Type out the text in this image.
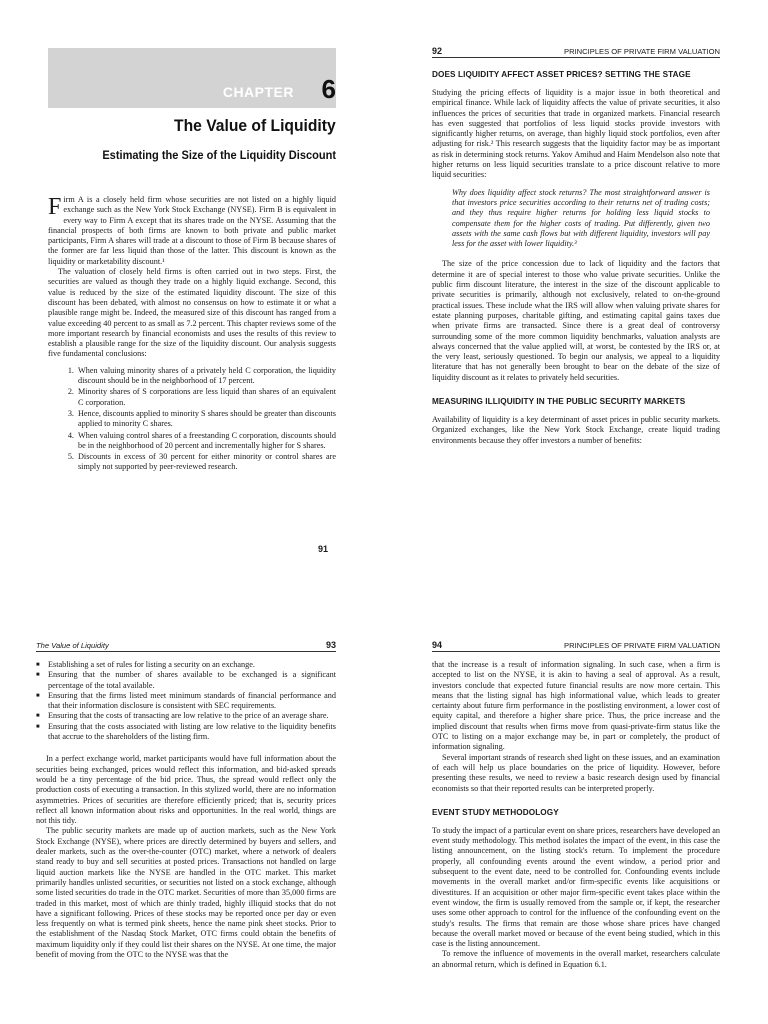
CHAPTER 6
The Value of Liquidity
Estimating the Size of the Liquidity Discount

Firm A is a closely held firm whose securities are not listed on a highly liquid exchange such as the New York Stock Exchange (NYSE). Firm B is equivalent in every way to Firm A except that its shares trade on the NYSE. Assuming that the financial prospects of both firms are known to both private and public market participants, Firm A shares will trade at a discount to those of Firm B because shares of the former are far less liquid than those of the latter. This discount is known as the liquidity or marketability discount.¹

The valuation of closely held firms is often carried out in two steps. First, the securities are valued as though they trade on a highly liquid exchange. Second, this value is reduced by the size of the estimated liquidity discount. The size of this discount has been debated, with almost no consensus on how to estimate it or what a plausible range might be. Indeed, the measured size of this discount has ranged from a value exceeding 40 percent to as small as 7.2 percent. This chapter reviews some of the more important research by financial economists and uses the results of this review to establish a plausible range for the size of the liquidity discount. Our analysis suggests five fundamental conclusions:

1. When valuing minority shares of a privately held C corporation, the liquidity discount should be in the neighborhood of 17 percent.
2. Minority shares of S corporations are less liquid than shares of an equivalent C corporation.
3. Hence, discounts applied to minority S shares should be greater than discounts applied to minority C shares.
4. When valuing control shares of a freestanding C corporation, discounts should be in the neighborhood of 20 percent and incrementally higher for S shares.
5. Discounts in excess of 30 percent for either minority or control shares are simply not supported by peer-reviewed research.
91
92	PRINCIPLES OF PRIVATE FIRM VALUATION
DOES LIQUIDITY AFFECT ASSET PRICES? SETTING THE STAGE

Studying the pricing effects of liquidity is a major issue in both theoretical and empirical finance. While lack of liquidity affects the value of private securities, it also influences the prices of securities that trade in organized markets. Financial research has even suggested that portfolios of less liquid stocks provide investors with significantly higher returns, on average, than highly liquid stock portfolios, even after adjusting for risk.² This research suggests that the liquidity factor may be as important as risk in determining stock returns. Yakov Amihud and Haim Mendelson also note that higher returns on less liquid securities translate to a price discount relative to more liquid securities:

Why does liquidity affect stock returns? The most straightforward answer is that investors price securities according to their returns net of trading costs; and they thus require higher returns for holding less liquid stocks to compensate them for the higher costs of trading. Put differently, given two assets with the same cash flows but with different liquidity, investors will pay less for the asset with lower liquidity.³

The size of the price concession due to lack of liquidity and the factors that determine it are of special interest to those who value private securities. Unlike the public firm discount literature, the interest in the size of the discount applicable to private securities is primarily, although not exclusively, related to on-the-ground practical issues. These include what the IRS will allow when valuing private shares for estate planning purposes, charitable gifting, and estimating capital gains taxes due when private firms are transacted. Since there is a great deal of controversy surrounding some of the more common liquidity benchmarks, valuation analysts are always concerned that the value applied will, at worst, be contested by the IRS or, at the very least, seriously questioned. To begin our analysis, we appeal to a liquidity literature that has not generally been brought to bear on the debate of the size of liquidity discount as it relates to privately held securities.

MEASURING ILLIQUIDITY IN THE PUBLIC SECURITY MARKETS

Availability of liquidity is a key determinant of asset prices in public security markets. Organized exchanges, like the New York Stock Exchange, create liquid trading environments because they offer investors a number of benefits:

The Value of Liquidity	93
■ Establishing a set of rules for listing a security on an exchange.
■ Ensuring that the number of shares available to be exchanged is a significant percentage of the total available.
■ Ensuring that the firms listed meet minimum standards of financial performance and that their information disclosure is consistent with SEC requirements.
■ Ensuring that the costs of transacting are low relative to the price of an average share.
■ Ensuring that the costs associated with listing are low relative to the liquidity benefits that accrue to the shareholders of the listing firm.

In a perfect exchange world, market participants would have full information about the securities being exchanged, prices would reflect this information, and bid-asked spreads would be a tiny percentage of the bid price. Thus, the spread would reflect only the production costs of executing a transaction. In this stylized world, there are no information asymmetries. Prices of securities are therefore efficiently priced; that is, security prices reflect all known information about risks and opportunities. In the real world, things are not this tidy.

The public security markets are made up of auction markets, such as the New York Stock Exchange (NYSE), where prices are directly determined by buyers and sellers, and dealer markets, such as the over-the-counter (OTC) market, where a network of dealers stand ready to buy and sell securities at posted prices. Transactions not handled on large liquid auction markets like the NYSE are handled in the OTC market. This market primarily handles unlisted securities, or securities not listed on a stock exchange, although some listed securities do trade in the OTC market. Securities of more than 35,000 firms are traded in this market, most of which are thinly traded, highly illiquid stocks that do not have a significant following. Prices of these stocks may be reported once per day or even less frequently on what is termed pink sheets, hence the name pink sheet stocks. Prior to the establishment of the Nasdaq Stock Market, OTC firms could obtain the benefits of maximum liquidity only if they could list their shares on the NYSE. At one time, the major benefit of moving from the OTC to the NYSE was that the

94	PRINCIPLES OF PRIVATE FIRM VALUATION

that the increase is a result of information signaling. In such case, when a firm is accepted to list on the NYSE, it is akin to having a seal of approval. As a result, investors conclude that expected future financial results are now more certain. This means that the listing signal has high informational value, which leads to greater certainty about future firm performance in the postlisting environment, a lower cost of equity capital, and therefore a higher share price. Thus, the price increase and the implied discount that results when firms move from quasi-private-firm status like the OTC to listing on a major exchange may be, in part or completely, the product of information signaling.

Several important strands of research shed light on these issues, and an examination of each will help us place boundaries on the price of liquidity. However, before presenting these results, we need to review a basic research design used by financial economists so that their reported results can be interpreted properly.

EVENT STUDY METHODOLOGY

To study the impact of a particular event on share prices, researchers have developed an event study methodology. This method isolates the impact of the event, in this case the listing announcement, on the listing stock's return. To implement the procedure properly, all confounding events around the event window, a period prior and subsequent to the event date, need to be controlled for. Confounding events include movements in the overall market and/or firm-specific events like acquisitions or divestitures. If an acquisition or other major firm-specific event takes place within the event window, the firm is usually removed from the sample or, if kept, the researcher uses some other approach to control for the influence of the confounding event on the study's results. The firms that remain are those whose share prices have changed because the overall market moved or because of the event being studied, which in this case is the listing announcement.

To remove the influence of movements in the overall market, researchers calculate an abnormal return, which is defined in Equation 6.1.
